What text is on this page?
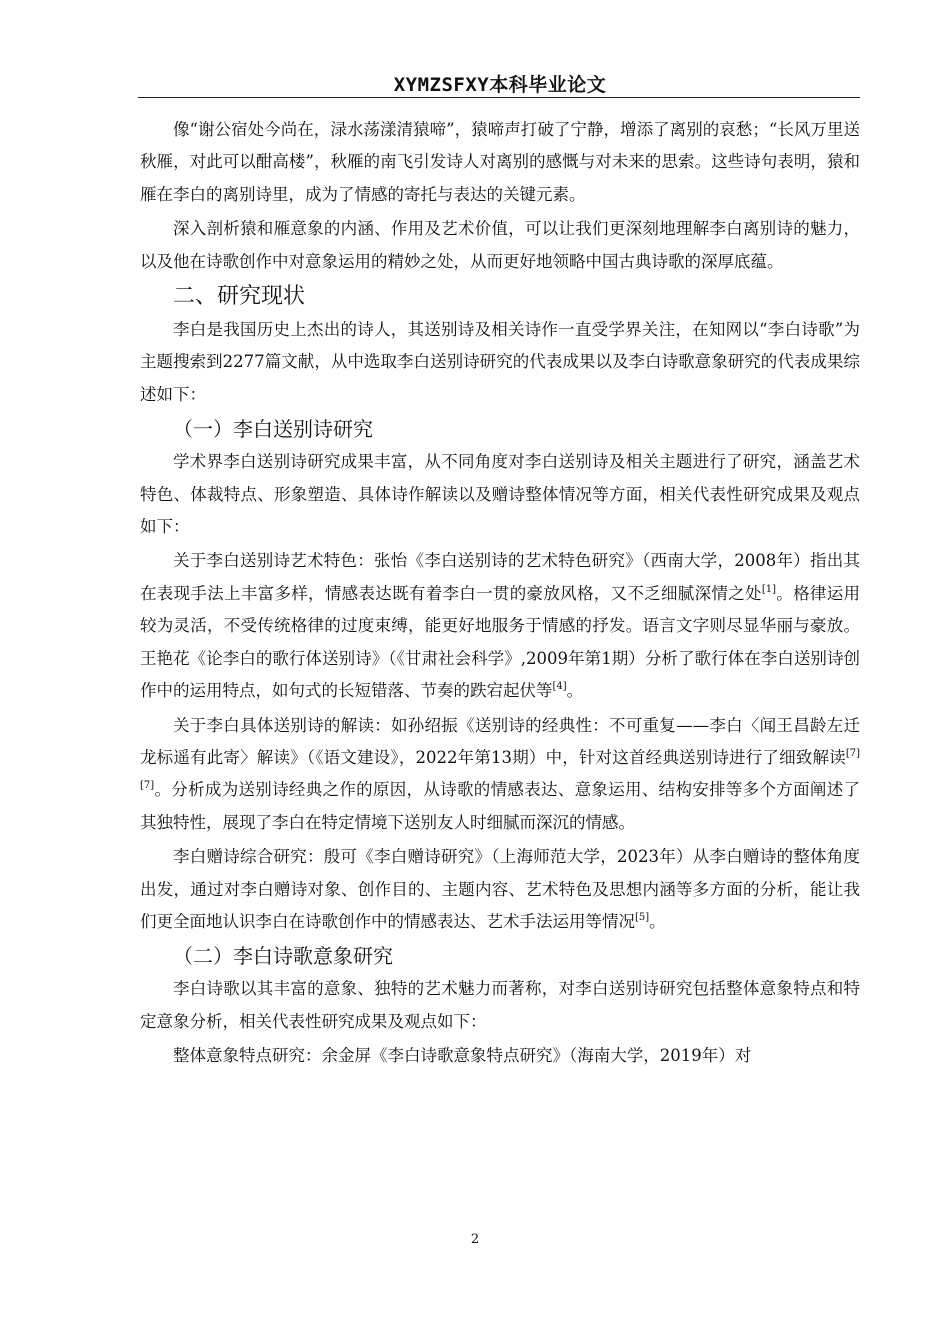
XYMZSFXY本科毕业论文

像“谢公宿处今尚在，渌水荡漾清猿啼”，猿啼声打破了宁静，增添了离别的哀愁；“长风万里送秋雁，对此可以酣高楼”，秋雁的南飞引发诗人对离别的感慨与对未来的思索。这些诗句表明，猿和雁在李白的离别诗里，成为了情感的寄托与表达的关键元素。

深入剖析猿和雁意象的内涵、作用及艺术价值，可以让我们更深刻地理解李白离别诗的魅力，以及他在诗歌创作中对意象运用的精妙之处，从而更好地领略中国古典诗歌的深厚底蕴。

二、研究现状

李白是我国历史上杰出的诗人，其送别诗及相关诗作一直受学界关注，在知网以“李白诗歌”为主题搜索到2277篇文献，从中选取李白送别诗研究的代表成果以及李白诗歌意象研究的代表成果综述如下：

（一）李白送别诗研究

学术界李白送别诗研究成果丰富，从不同角度对李白送别诗及相关主题进行了研究，涵盖艺术特色、体裁特点、形象塑造、具体诗作解读以及赠诗整体情况等方面，相关代表性研究成果及观点如下：

关于李白送别诗艺术特色：张怡《李白送别诗的艺术特色研究》（西南大学，2008年）指出其在表现手法上丰富多样，情感表达既有着李白一贯的豪放风格，又不乏细腻深情之处[1]。格律运用较为灵活，不受传统格律的过度束缚，能更好地服务于情感的抒发。语言文字则尽显华丽与豪放。王艳花《论李白的歌行体送别诗》（《甘肃社会科学》,2009年第1期）分析了歌行体在李白送别诗创作中的运用特点，如句式的长短错落、节奏的跌宕起伏等[4]。

关于李白具体送别诗的解读：如孙绍振《送别诗的经典性：不可重复——李白〈闻王昌龄左迁龙标遥有此寄〉解读》（《语文建设》，2022年第13期）中，针对这首经典送别诗进行了细致解读[7][7]。分析成为送别诗经典之作的原因，从诗歌的情感表达、意象运用、结构安排等多个方面阐述了其独特性，展现了李白在特定情境下送别友人时细腻而深沉的情感。

李白赠诗综合研究：殷可《李白赠诗研究》（上海师范大学，2023年）从李白赠诗的整体角度出发，通过对李白赠诗对象、创作目的、主题内容、艺术特色及思想内涵等多方面的分析，能让我们更全面地认识李白在诗歌创作中的情感表达、艺术手法运用等情况[5]。

（二）李白诗歌意象研究

李白诗歌以其丰富的意象、独特的艺术魅力而著称，对李白送别诗研究包括整体意象特点和特定意象分析，相关代表性研究成果及观点如下：

整体意象特点研究：余金屏《李白诗歌意象特点研究》（海南大学，2019年）对

2
